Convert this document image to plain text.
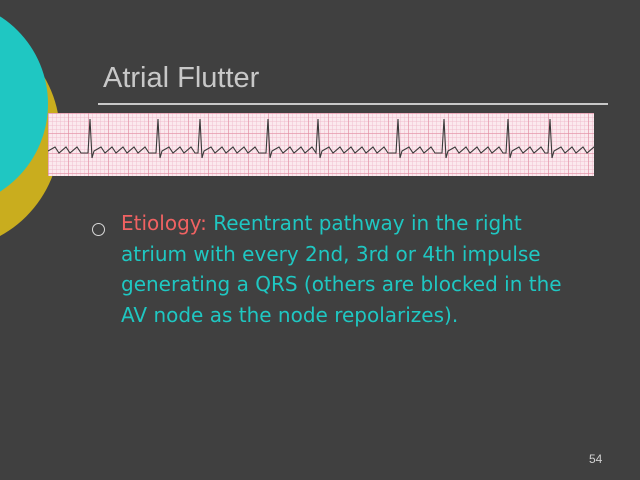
Atrial Flutter
Etiology: Reentrant pathway in the right atrium with every 2nd, 3rd or 4th impulse generating a QRS (others are blocked in the AV node as the node repolarizes).
54
